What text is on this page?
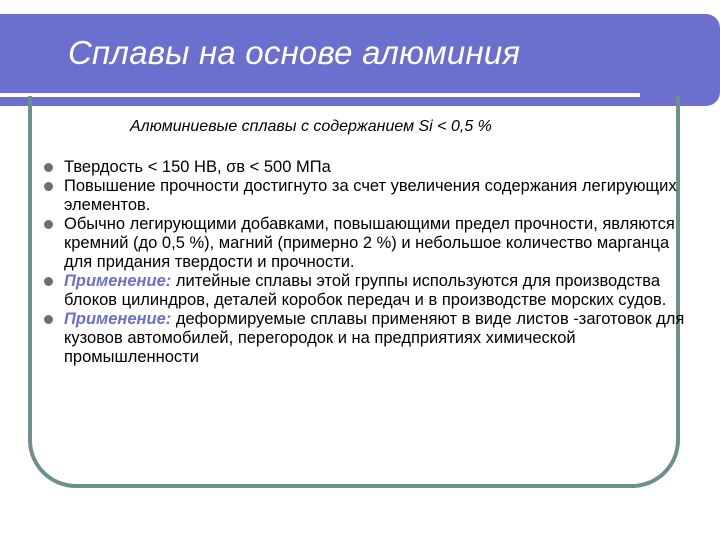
Сплавы на основе алюминия

Алюминиевые сплавы с содержанием Si < 0,5 %

Твердость < 150 НВ, σв < 500 МПа
Повышение прочности достигнуто за счет увеличения содержания легирующих элементов.
Обычно легирующими добавками, повышающими предел прочности, являются кремний (до 0,5 %), магний (примерно 2 %) и небольшое количество марганца для придания твердости и прочности.
Применение: литейные сплавы этой группы используются для производства блоков цилиндров, деталей коробок передач и в производстве морских судов.
Применение: деформируемые сплавы применяют в виде листов -заготовок для кузовов автомобилей, перегородок и на предприятиях химической промышленности
